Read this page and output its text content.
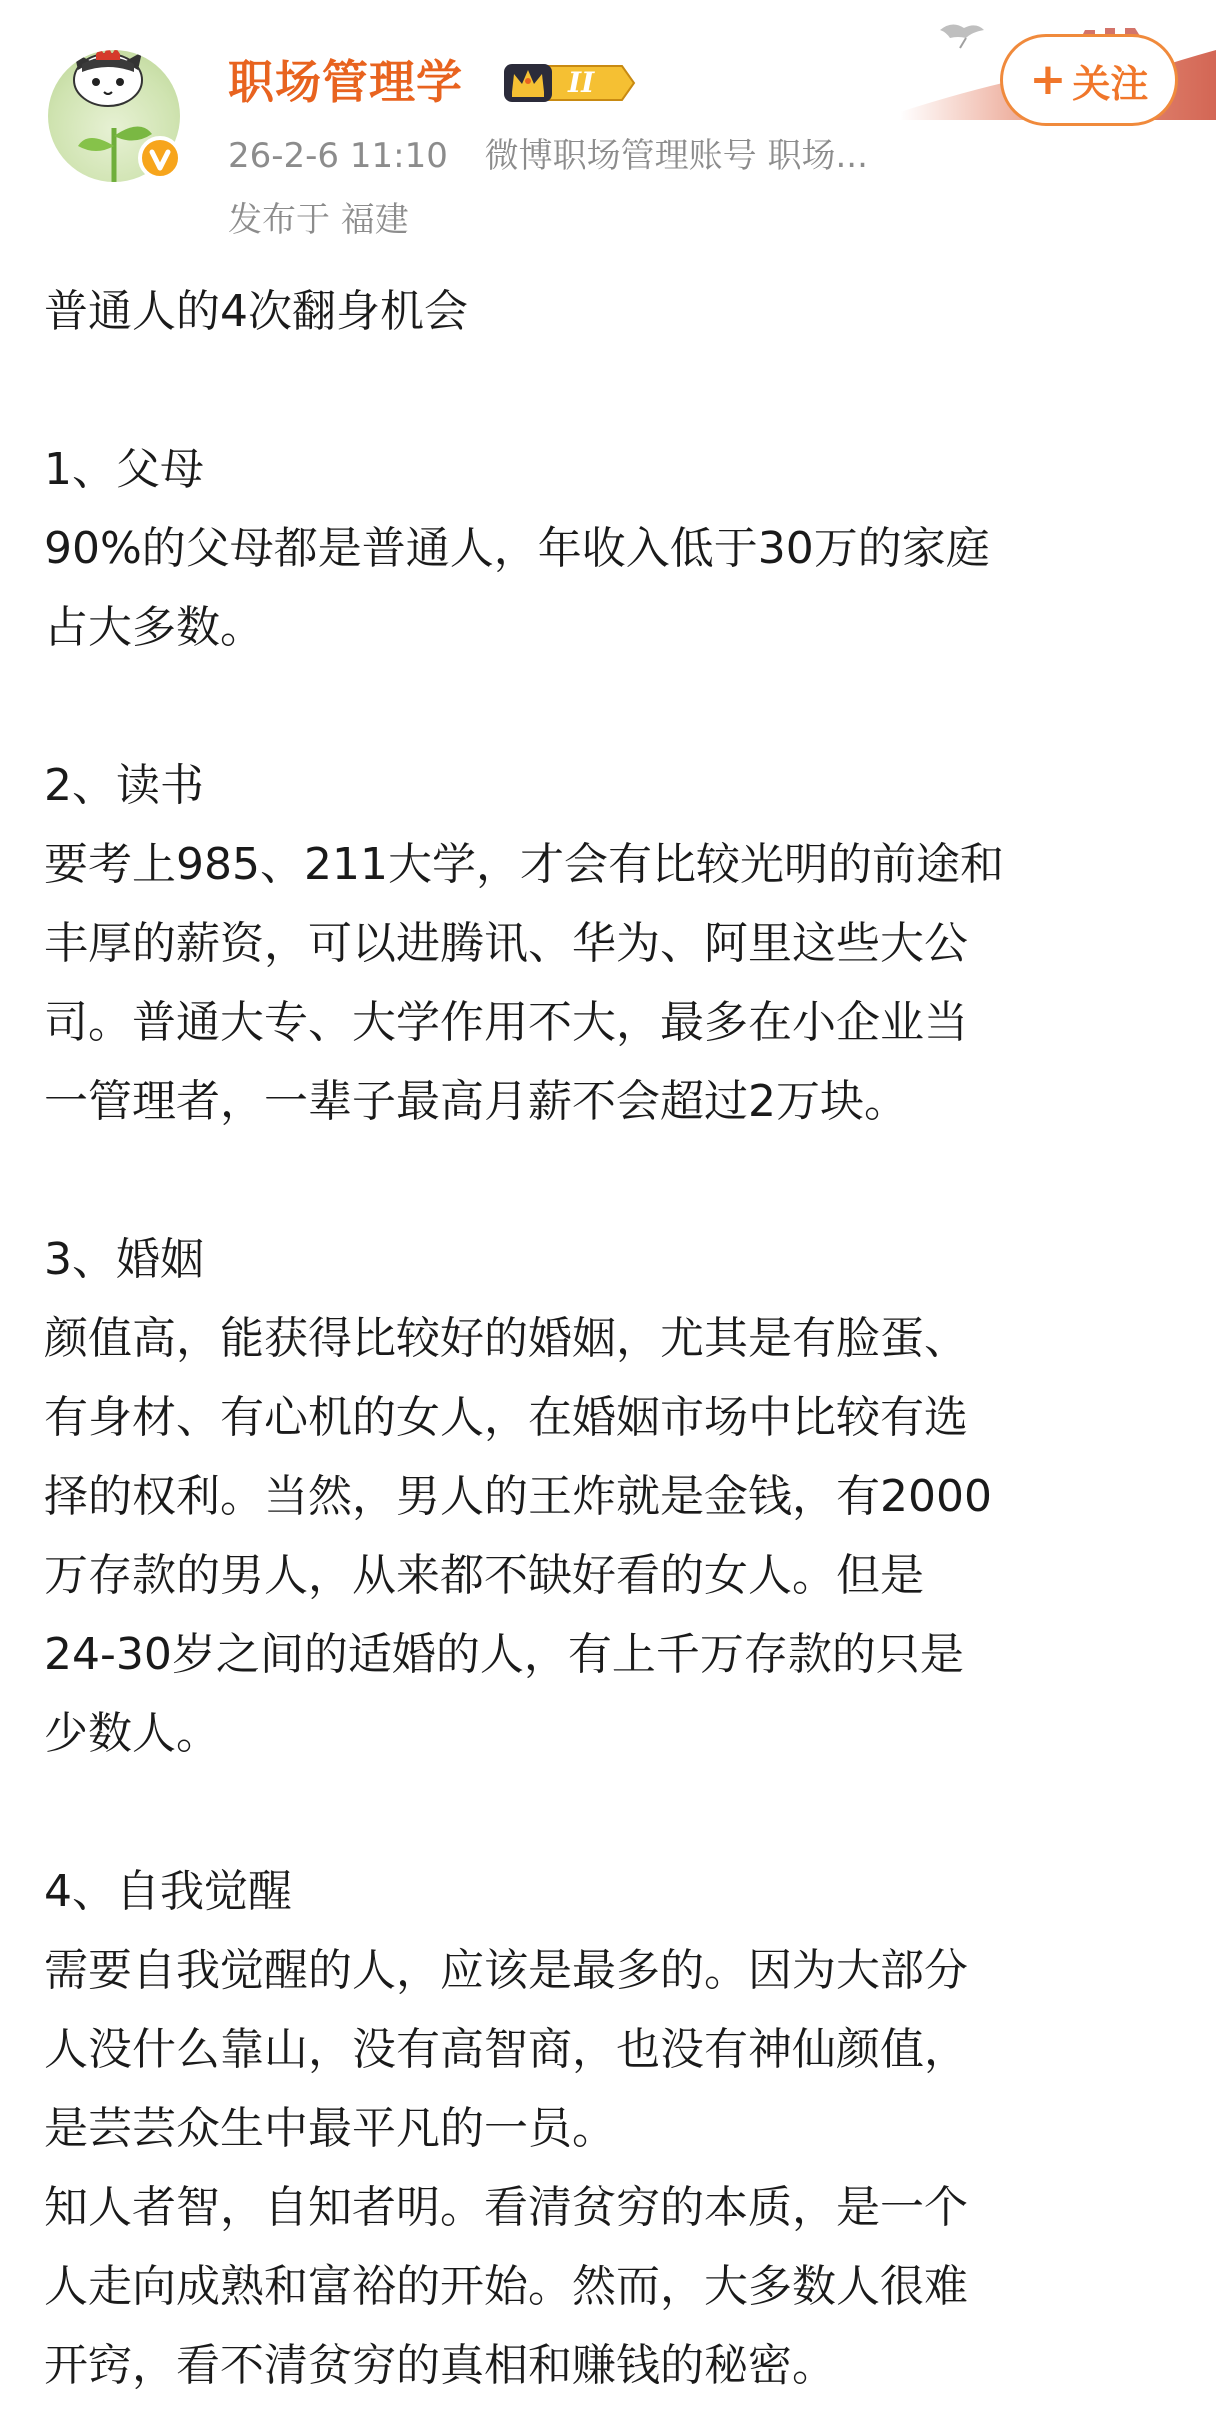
职场管理学	II
26-2-6 11:10 微博职场管理账号 职场...
发布于 福建
+ 关注

普通人的4次翻身机会

1、父母

90%的父母都是普通人，年收入低于30万的家庭

占大多数。

2、读书

要考上985、211大学，才会有比较光明的前途和

丰厚的薪资，可以进腾讯、华为、阿里这些大公

司。普通大专、大学作用不大，最多在小企业当

一管理者，一辈子最高月薪不会超过2万块。

3、婚姻

颜值高，能获得比较好的婚姻，尤其是有脸蛋、

有身材、有心机的女人，在婚姻市场中比较有选

择的权利。当然，男人的王炸就是金钱，有2000

万存款的男人，从来都不缺好看的女人。但是

24-30岁之间的适婚的人，有上千万存款的只是

少数人。

4、自我觉醒

需要自我觉醒的人，应该是最多的。因为大部分

人没什么靠山，没有高智商，也没有神仙颜值，

是芸芸众生中最平凡的一员。

知人者智，自知者明。看清贫穷的本质，是一个

人走向成熟和富裕的开始。然而，大多数人很难

开窍，看不清贫穷的真相和赚钱的秘密。
